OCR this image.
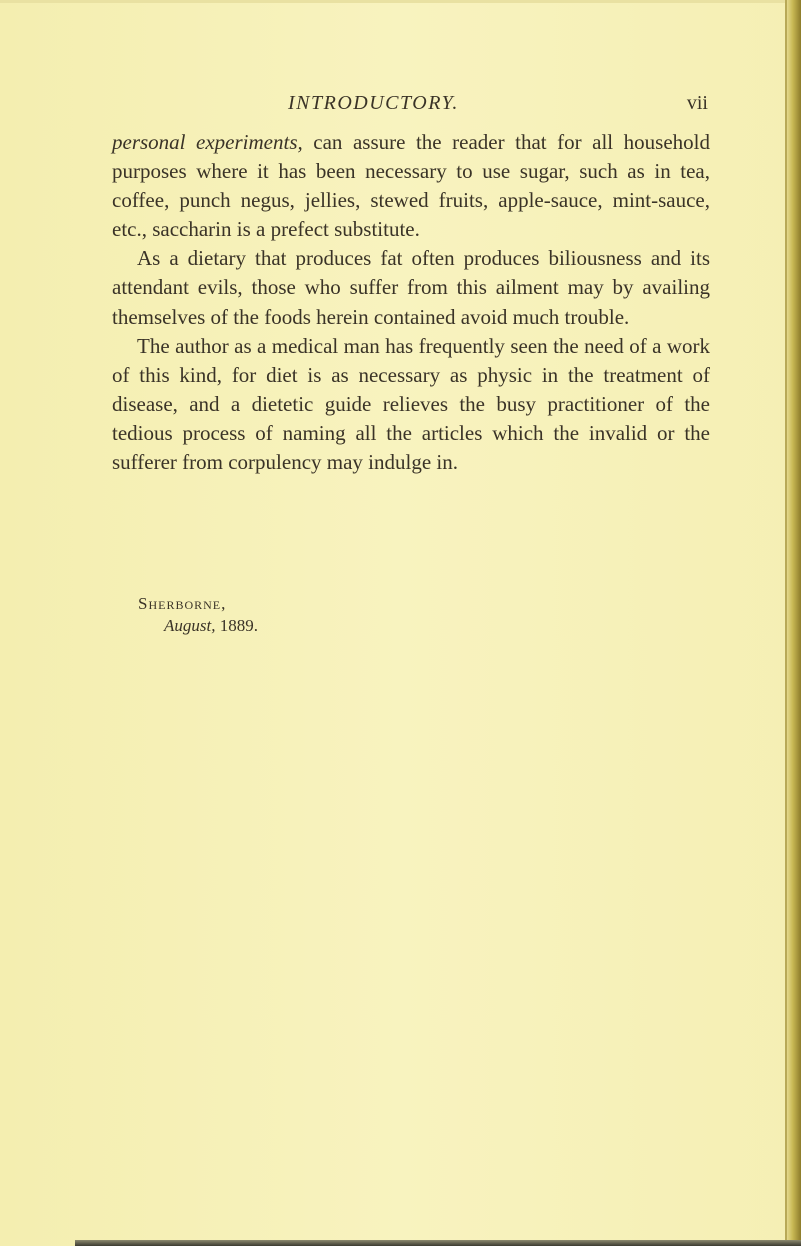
INTRODUCTORY.	vii

personal experiments, can assure the reader that for all household purposes where it has been necessary to use sugar, such as in tea, coffee, punch negus, jellies, stewed fruits, apple-sauce, mint-sauce, etc., saccharin is a prefect substitute.

As a dietary that produces fat often produces biliousness and its attendant evils, those who suffer from this ailment may by availing themselves of the foods herein contained avoid much trouble.

The author as a medical man has frequently seen the need of a work of this kind, for diet is as necessary as physic in the treatment of disease, and a dietetic guide relieves the busy practitioner of the tedious process of naming all the articles which the invalid or the sufferer from corpulency may indulge in.

Sherborne,
August, 1889.
